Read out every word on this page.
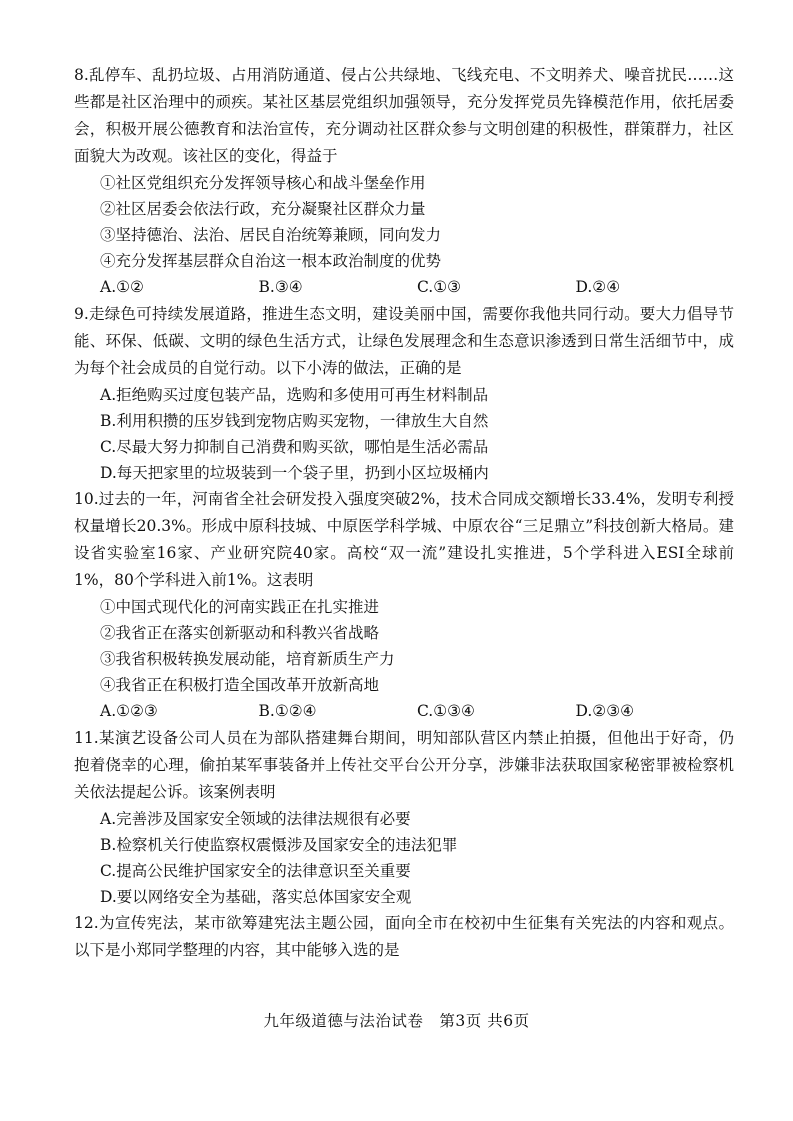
8.乱停车、乱扔垃圾、占用消防通道、侵占公共绿地、飞线充电、不文明养犬、噪音扰民……这些都是社区治理中的顽疾。某社区基层党组织加强领导，充分发挥党员先锋模范作用，依托居委会，积极开展公德教育和法治宣传，充分调动社区群众参与文明创建的积极性，群策群力，社区面貌大为改观。该社区的变化，得益于
①社区党组织充分发挥领导核心和战斗堡垒作用
②社区居委会依法行政，充分凝聚社区群众力量
③坚持德治、法治、居民自治统筹兼顾，同向发力
④充分发挥基层群众自治这一根本政治制度的优势
A.①②	B.③④	C.①③	D.②④
9.走绿色可持续发展道路，推进生态文明，建设美丽中国，需要你我他共同行动。要大力倡导节能、环保、低碳、文明的绿色生活方式，让绿色发展理念和生态意识渗透到日常生活细节中，成为每个社会成员的自觉行动。以下小涛的做法，正确的是
A.拒绝购买过度包装产品，选购和多使用可再生材料制品
B.利用积攒的压岁钱到宠物店购买宠物，一律放生大自然
C.尽最大努力抑制自己消费和购买欲，哪怕是生活必需品
D.每天把家里的垃圾装到一个袋子里，扔到小区垃圾桶内
10.过去的一年，河南省全社会研发投入强度突破2%，技术合同成交额增长33.4%，发明专利授权量增长20.3%。形成中原科技城、中原医学科学城、中原农谷“三足鼎立”科技创新大格局。建设省实验室16家、产业研究院40家。高校“双一流”建设扎实推进，5个学科进入ESI全球前1%，80个学科进入前1%。这表明
①中国式现代化的河南实践正在扎实推进
②我省正在落实创新驱动和科教兴省战略
③我省积极转换发展动能，培育新质生产力
④我省正在积极打造全国改革开放新高地
A.①②③	B.①②④	C.①③④	D.②③④
11.某演艺设备公司人员在为部队搭建舞台期间，明知部队营区内禁止拍摄，但他出于好奇，仍抱着侥幸的心理，偷拍某军事装备并上传社交平台公开分享，涉嫌非法获取国家秘密罪被检察机关依法提起公诉。该案例表明
A.完善涉及国家安全领域的法律法规很有必要
B.检察机关行使监察权震慑涉及国家安全的违法犯罪
C.提高公民维护国家安全的法律意识至关重要
D.要以网络安全为基础，落实总体国家安全观
12.为宣传宪法，某市欲筹建宪法主题公园，面向全市在校初中生征集有关宪法的内容和观点。以下是小郑同学整理的内容，其中能够入选的是
九年级道德与法治试卷　第3页 共6页
